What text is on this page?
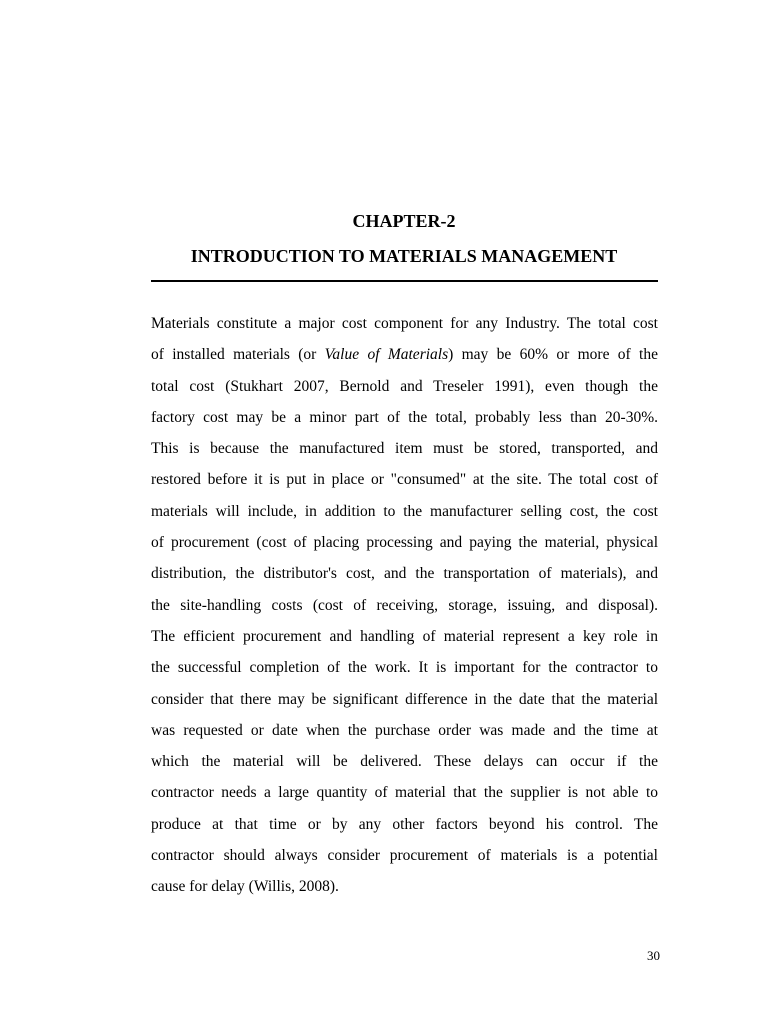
CHAPTER-2
INTRODUCTION TO MATERIALS MANAGEMENT
Materials constitute a major cost component for any Industry. The total cost
of installed materials (or Value of Materials) may be 60% or more of the
total cost (Stukhart 2007, Bernold and Treseler 1991), even though the
factory cost may be a minor part of the total, probably less than 20-30%.
This is because the manufactured item must be stored, transported, and
restored before it is put in place or "consumed" at the site. The total cost of
materials will include, in addition to the manufacturer selling cost, the cost
of procurement (cost of placing processing and paying the material, physical
distribution, the distributor's cost, and the transportation of materials), and
the site-handling costs (cost of receiving, storage, issuing, and disposal).
The efficient procurement and handling of material represent a key role in
the successful completion of the work. It is important for the contractor to
consider that there may be significant difference in the date that the material
was requested or date when the purchase order was made and the time at
which the material will be delivered. These delays can occur if the
contractor needs a large quantity of material that the supplier is not able to
produce at that time or by any other factors beyond his control. The
contractor should always consider procurement of materials is a potential
cause for delay (Willis, 2008).
30
